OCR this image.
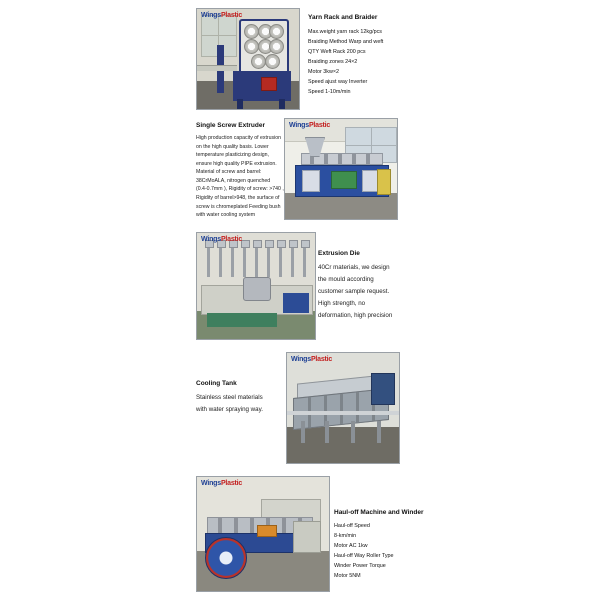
WingsPlastic	Yarn Rack and Braider
Max.weight yarn rack 12kg/pcs
Braiding Method Warp and weft
QTY Weft Rack 200 pcs
Braiding zones 24×2
Motor 3kw×2
Speed ajust way Inverter
Speed 1-10m/min
Single Screw Extruder
High production capacity of extrusion
on the high quality basis. Lower
temperature plasticizing design,
ensure high quality PIPE extrusion.
Material of screw and barrel:
38CrMoALA, nitrogen quenched
(0.4-0.7mm ), Rigidity of screw: >740 ,
Rigidity of barrel>948, the surface of
screw is chromeplated Feeding bush
with water cooling system
WingsPlastic
WingsPlastic
Extrusion Die
40Cr materials, we design
the mould according
customer sample request.
High strength, no
deformation, high precision
Cooling Tank
Stainless steel materials
with water spraying way.
WingsPlastic
WingsPlastic
Haul-off Machine and Winder
Haul-off Speed
8-km/min
Motor AC 1kw
Haul-off Way Roller Type
Winder Power Torque
Motor 5NM
